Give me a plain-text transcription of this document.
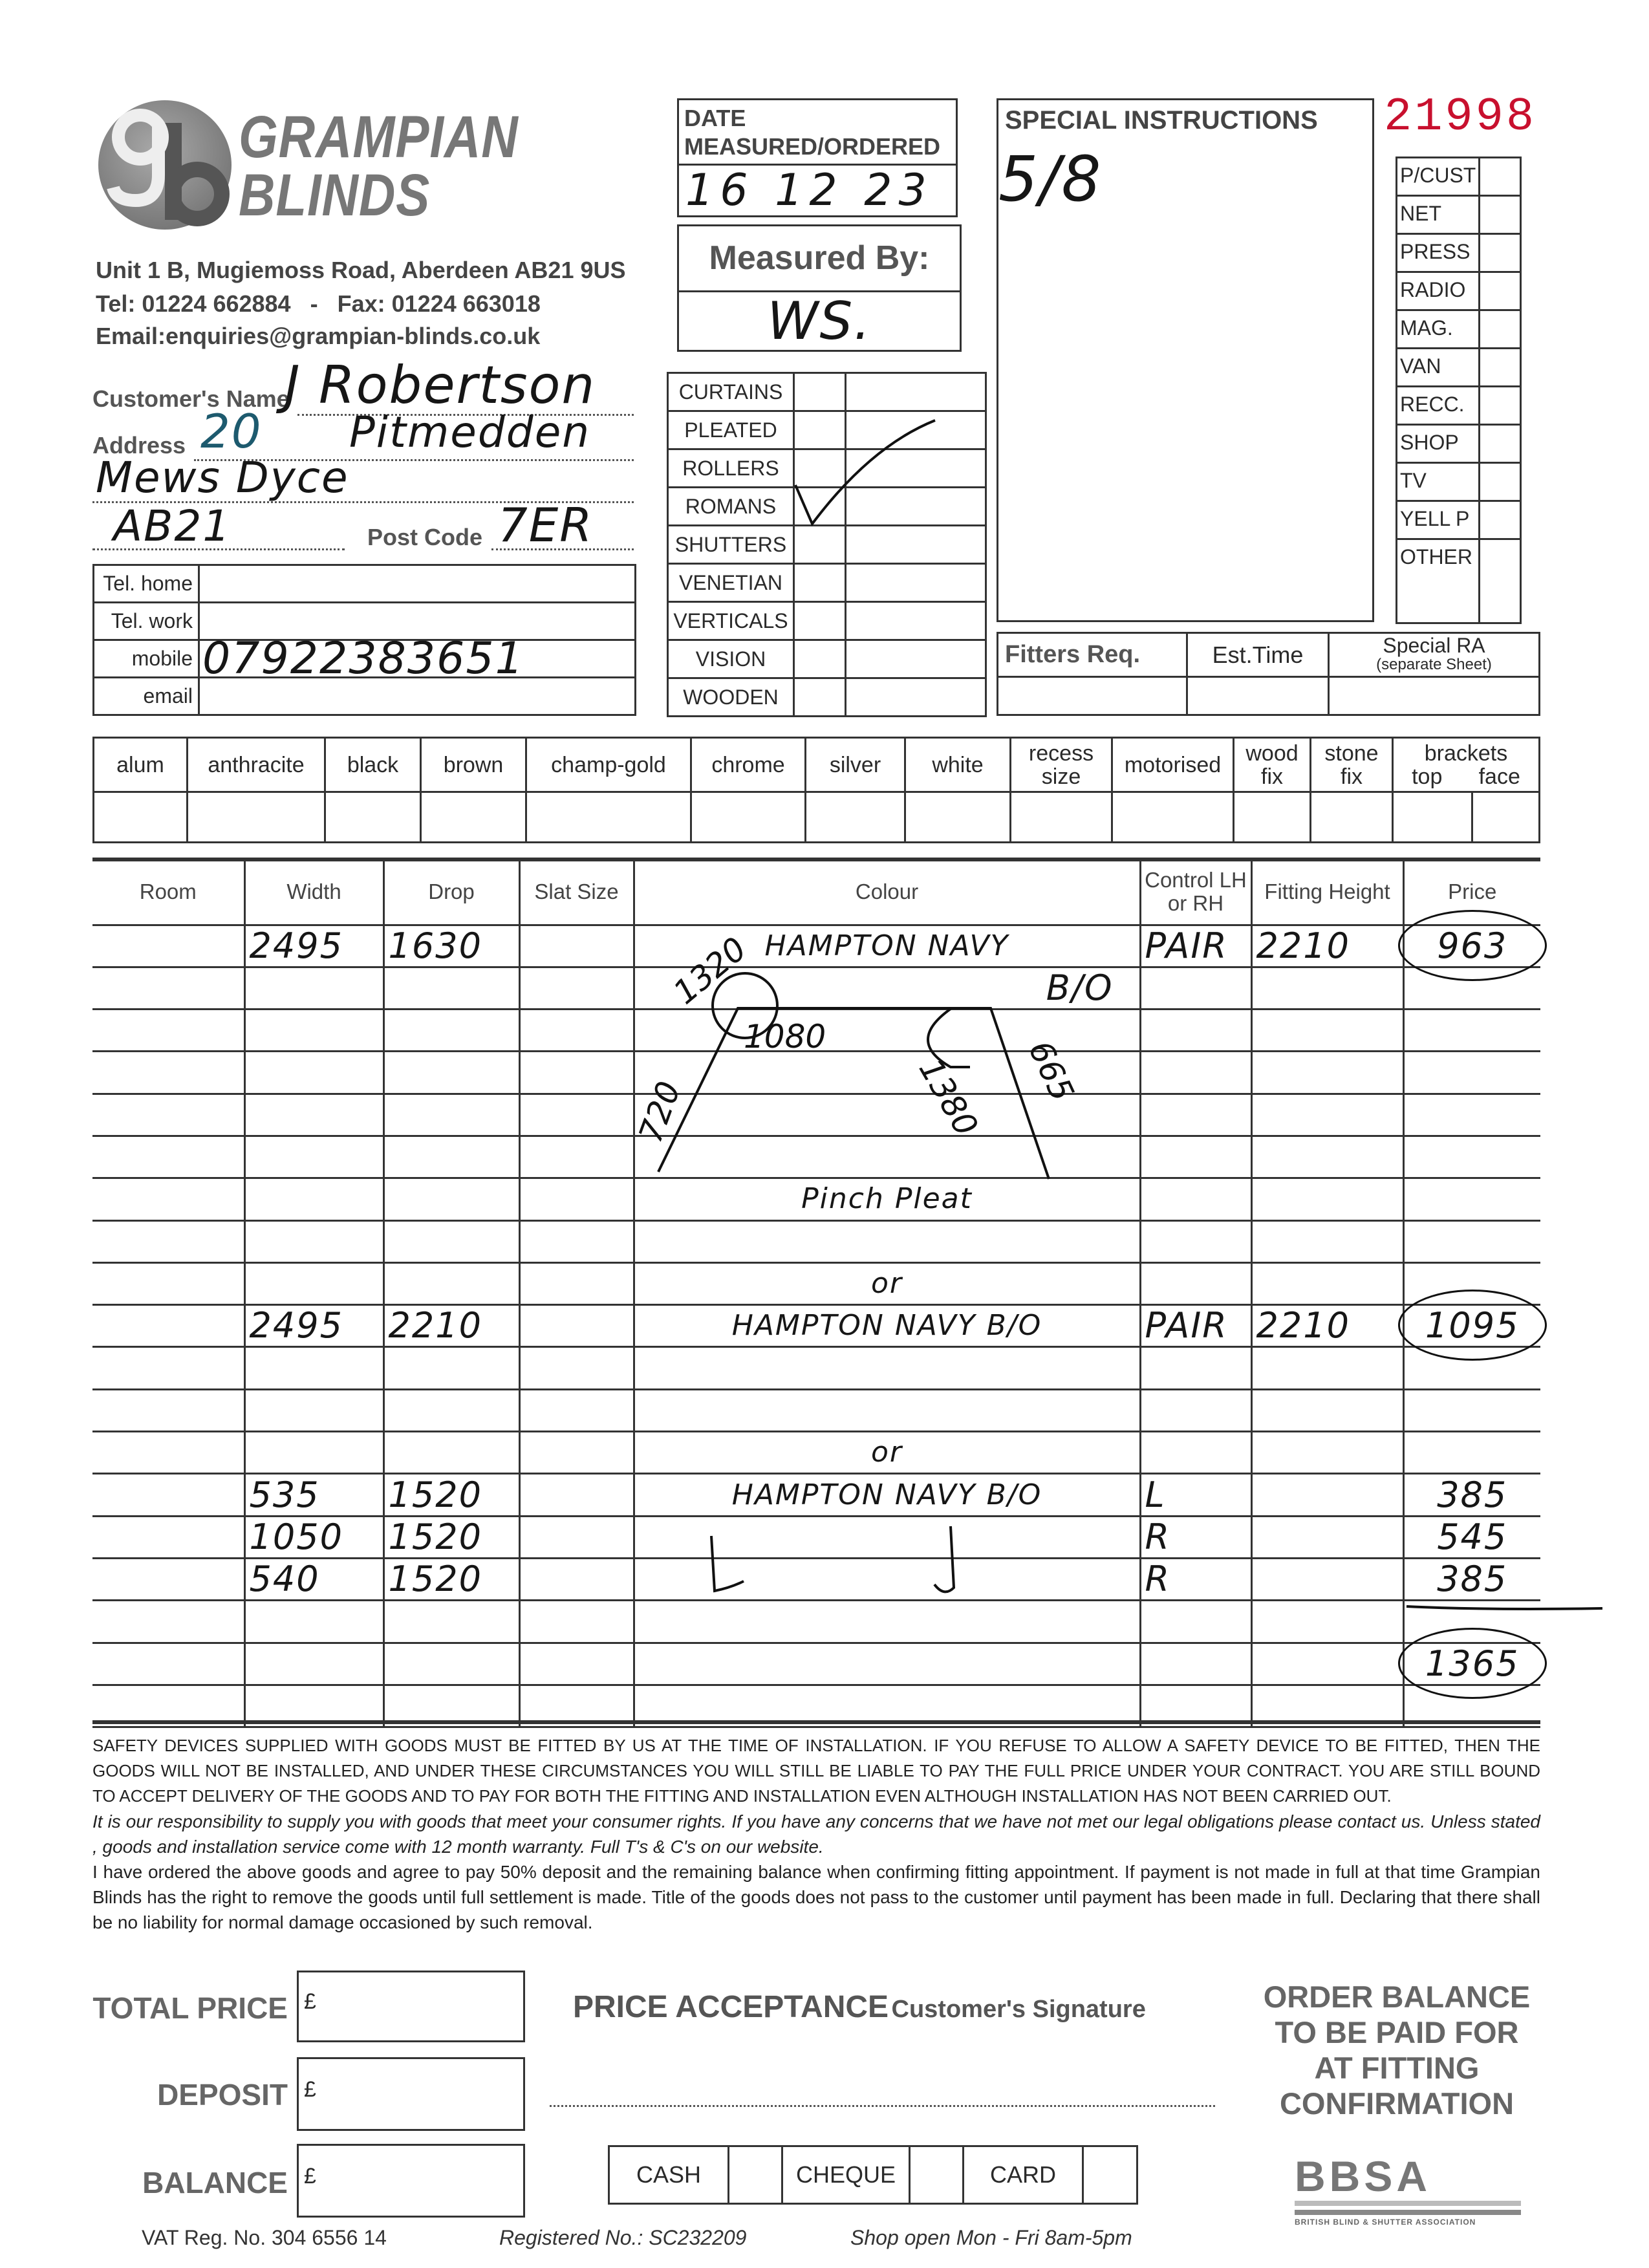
GRAMPIAN
BLINDS
Unit 1 B, Mugiemoss Road, Aberdeen AB21 9US
Tel: 01224 662884 - Fax: 01224 663018
Email:enquiries@grampian-blinds.co.uk
Customer's Name
J Robertson
Address 20 Pitmedden
Mews Dyce
AB21	Post Code 7ER
Tel. home	
Tel. work	
mobile	07922383651
email	
DATE
MEASURED/ORDERED
16 12 23
Measured By:
WS.
CURTAINS		
PLEATED		
ROLLERS		
ROMANS		
SHUTTERS		
VENETIAN		
VERTICALS		
VISION		
WOODEN		
SPECIAL INSTRUCTIONS
5/8
21998
P/CUST	
NET	
PRESS	
RADIO	
MAG.	
VAN	
RECC.	
SHOP	
TV	
YELL P	
OTHER	
Fitters Req.	Est.Time	Special RA
(separate Sheet)

alum	anthracite	black	brown	champ-gold	chrome	silver	white	recess size	motorised	wood fix	stone fix	brackets
top face	

Room	Width	Drop	Slat Size	Colour	Control LH or RH	Fitting Height	Price
	2495	1630		HAMPTON NAVY	PAIR	2210	963

				B/O			

				Pinch Pleat			

				or			
	2495	2210		HAMPTON NAVY B/O	PAIR	2210	1095

				or			
	535	1520		HAMPTON NAVY B/O	L		385
	1050	1520			R		545
	540	1520			R		385

							1365

1320
1080
1380
720
665

SAFETY DEVICES SUPPLIED WITH GOODS MUST BE FITTED BY US AT THE TIME OF INSTALLATION. IF YOU REFUSE TO ALLOW A SAFETY DEVICE TO BE FITTED, THEN THE GOODS WILL NOT BE INSTALLED, AND UNDER THESE CIRCUMSTANCES YOU WILL STILL BE LIABLE TO PAY THE FULL PRICE UNDER YOUR CONTRACT. YOU ARE STILL BOUND TO ACCEPT DELIVERY OF THE GOODS AND TO PAY FOR BOTH THE FITTING AND INSTALLATION EVEN ALTHOUGH INSTALLATION HAS NOT BEEN CARRIED OUT.

It is our responsibility to supply you with goods that meet your consumer rights. If you have any concerns that we have not met our legal obligations please contact us. Unless stated , goods and installation service come with 12 month warranty. Full T's & C's on our website.

I have ordered the above goods and agree to pay 50% deposit and the remaining balance when confirming fitting appointment. If payment is not made in full at that time Grampian Blinds has the right to remove the goods until full settlement is made. Title of the goods does not pass to the customer until payment has been made in full. Declaring that there shall be no liability for normal damage occasioned by such removal.

TOTAL PRICE £
DEPOSIT £
BALANCE £
PRICE ACCEPTANCE Customer's Signature
CASH		CHEQUE		CARD	
ORDER BALANCE
TO BE PAID FOR
AT FITTING
CONFIRMATION
BBSA
BRITISH BLIND & SHUTTER ASSOCIATION
VAT Reg. No. 304 6556 14	Registered No.: SC232209	Shop open Mon - Fri 8am-5pm
